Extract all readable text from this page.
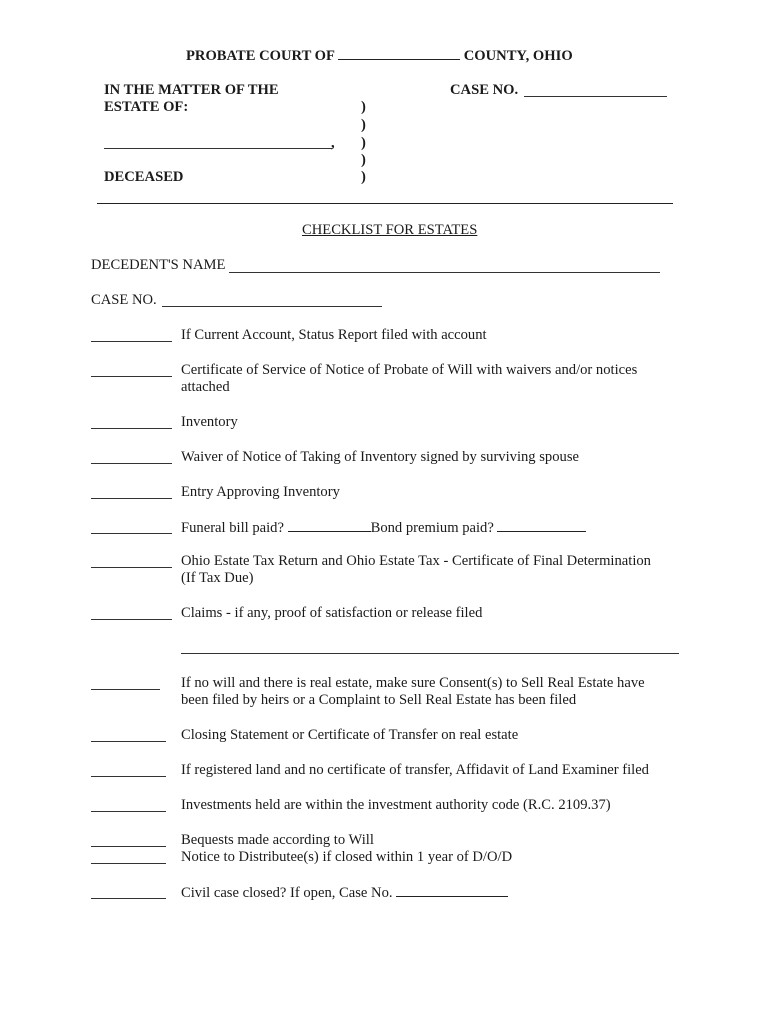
PROBATE COURT OF	COUNTY, OHIO
IN THE MATTER OF THE
ESTATE OF:
,
DECEASED
)
)
)
)
)
CASE NO.
CHECKLIST FOR ESTATES
DECEDENT'S NAME
CASE NO.
If Current Account, Status Report filed with account
Certificate of Service of Notice of Probate of Will with waivers and/or notices
attached
Inventory
Waiver of Notice of Taking of Inventory signed by surviving spouse
Entry Approving Inventory
Funeral bill paid?	Bond premium paid?
Ohio Estate Tax Return and Ohio Estate Tax - Certificate of Final Determination
(If Tax Due)
Claims - if any, proof of satisfaction or release filed
If no will and there is real estate, make sure Consent(s) to Sell Real Estate have
been filed by heirs or a Complaint to Sell Real Estate has been filed
Closing Statement or Certificate of Transfer on real estate
If registered land and no certificate of transfer, Affidavit of Land Examiner filed
Investments held are within the investment authority code (R.C. 2109.37)
Bequests made according to Will
Notice to Distributee(s) if closed within 1 year of D/O/D
Civil case closed? If open, Case No.
